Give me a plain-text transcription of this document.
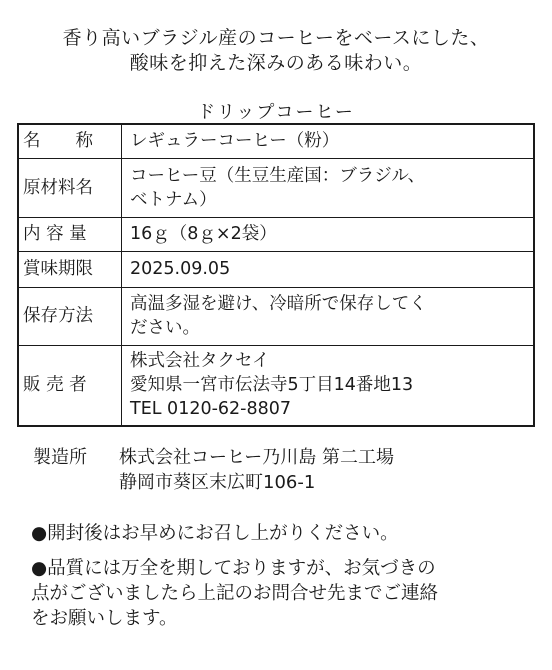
香り高いブラジル産のコーヒーをベースにした、
酸味を抑えた深みのある味わい。
ドリップコーヒー
名　　称	レギュラーコーヒー（粉）

原材料名	コーヒー豆（生豆生産国：ブラジル、
ベトナム）

内 容 量	16ｇ（8ｇ×2袋）

賞味期限	2025.09.05

保存方法	高温多湿を避け、冷暗所で保存してく
ださい。

販 売 者	株式会社タクセイ
愛知県一宮市伝法寺5丁目14番地13
TEL 0120-62-8807
製造所 株式会社コーヒー乃川島 第二工場
静岡市葵区末広町106-1

●開封後はお早めにお召し上がりください。

●品質には万全を期しておりますが、お気づきの
点がございましたら上記のお問合せ先までご連絡
をお願いします。
